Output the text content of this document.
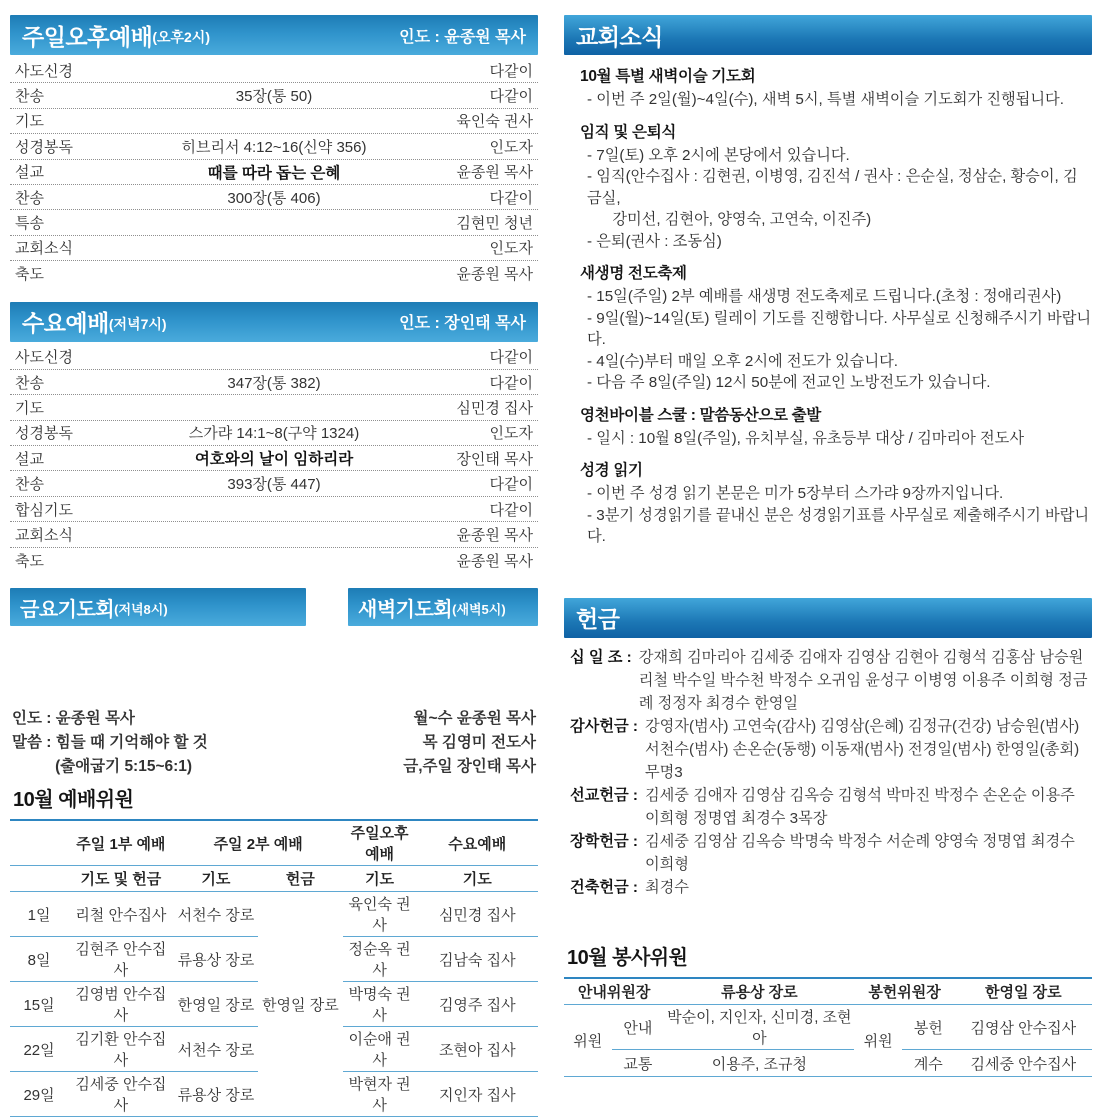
주일오후예배 (오후2시)	인도 : 윤종원 목사
사도신경	다같이
찬송	35장(통 50)	다같이
기도	육인숙 권사
성경봉독	히브리서 4:12~16(신약 356)	인도자
설교	때를 따라 돕는 은혜	윤종원 목사
찬송	300장(통 406)	다같이
특송	김현민 청년
교회소식	인도자
축도	윤종원 목사
수요예배 (저녁7시)	인도 : 장인태 목사
사도신경	다같이
찬송	347장(통 382)	다같이
기도	심민경 집사
성경봉독	스가랴 14:1~8(구약 1324)	인도자
설교	여호와의 날이 임하리라	장인태 목사
찬송	393장(통 447)	다같이
합심기도	다같이
교회소식	윤종원 목사
축도	윤종원 목사
금요기도회 (저녁8시)	새벽기도회 (새벽5시)

인도 : 윤종원 목사
말씀 : 힘들 때 기억해야 할 것
(출애굽기 5:15~6:1)

월~수 윤종원 목사
목 김영미 전도사
금,주일 장인태 목사
10월 예배위원
	주일 1부 예배	주일 2부 예배		주일오후예배	수요예배
	기도 및 헌금	기도	헌금	기도	기도
1일	리철 안수집사	서천수 장로	한영일 장로	육인숙 권사	심민경 집사
8일	김현주 안수집사	류용상 장로		정순옥 권사	김남숙 집사
15일	김영범 안수집사	한영일 장로		박명숙 권사	김영주 집사
22일	김기환 안수집사	서천수 장로		이순애 권사	조현아 집사
29일	김세중 안수집사	류용상 장로		박현자 권사	지인자 집사
교회소식
10월 특별 새벽이슬 기도회
- 이번 주 2일(월)~4일(수), 새벽 5시, 특별 새벽이슬 기도회가 진행됩니다.
임직 및 은퇴식
- 7일(토) 오후 2시에 본당에서 있습니다.
- 임직(안수집사 : 김현권, 이병영, 김진석 / 권사 : 은순실, 정삼순, 황승이, 김금실,
강미선, 김현아, 양영숙, 고연숙, 이진주)
- 은퇴(권사 : 조동심)
새생명 전도축제
- 15일(주일) 2부 예배를 새생명 전도축제로 드립니다.(초청 : 정애리권사)
- 9일(월)~14일(토) 릴레이 기도를 진행합니다. 사무실로 신청해주시기 바랍니다.
- 4일(수)부터 매일 오후 2시에 전도가 있습니다.
- 다음 주 8일(주일) 12시 50분에 전교인 노방전도가 있습니다.
영천바이블 스쿨 : 말씀동산으로 출발
- 일시 : 10월 8일(주일), 유치부실, 유초등부 대상 / 김마리아 전도사
성경 읽기
- 이번 주 성경 읽기 본문은 미가 5장부터 스가랴 9장까지입니다.
- 3분기 성경읽기를 끝내신 분은 성경읽기표를 사무실로 제출해주시기 바랍니다.
헌금
십 일 조 : 강재희 김마리아 김세중 김애자 김영삼 김현아 김형석 김홍삼 남승원 리철 박수일 박수천 박정수 오귀임 윤성구 이병영 이용주 이희형 정금례 정정자 최경수 한영일
감사헌금 : 강영자(범사) 고연숙(감사) 김영삼(은혜) 김정규(건강) 남승원(범사) 서천수(범사) 손온순(동행) 이동재(범사) 전경일(범사) 한영일(총회) 무명3
선교헌금 : 김세중 김애자 김영삼 김옥승 김형석 박마진 박정수 손온순 이용주 이희형 정명엽 최경수 3목장
장학헌금 : 김세중 김영삼 김옥승 박명숙 박정수 서순례 양영숙 정명엽 최경수 이희형
건축헌금 : 최경수
10월 봉사위원
안내위원장		류용상 장로	봉헌위원장		한영일 장로
위원	안내	박순이, 지인자, 신미경, 조현아	위원	봉헌	김영삼 안수집사
	교통	이용주, 조규청		계수	김세중 안수집사
